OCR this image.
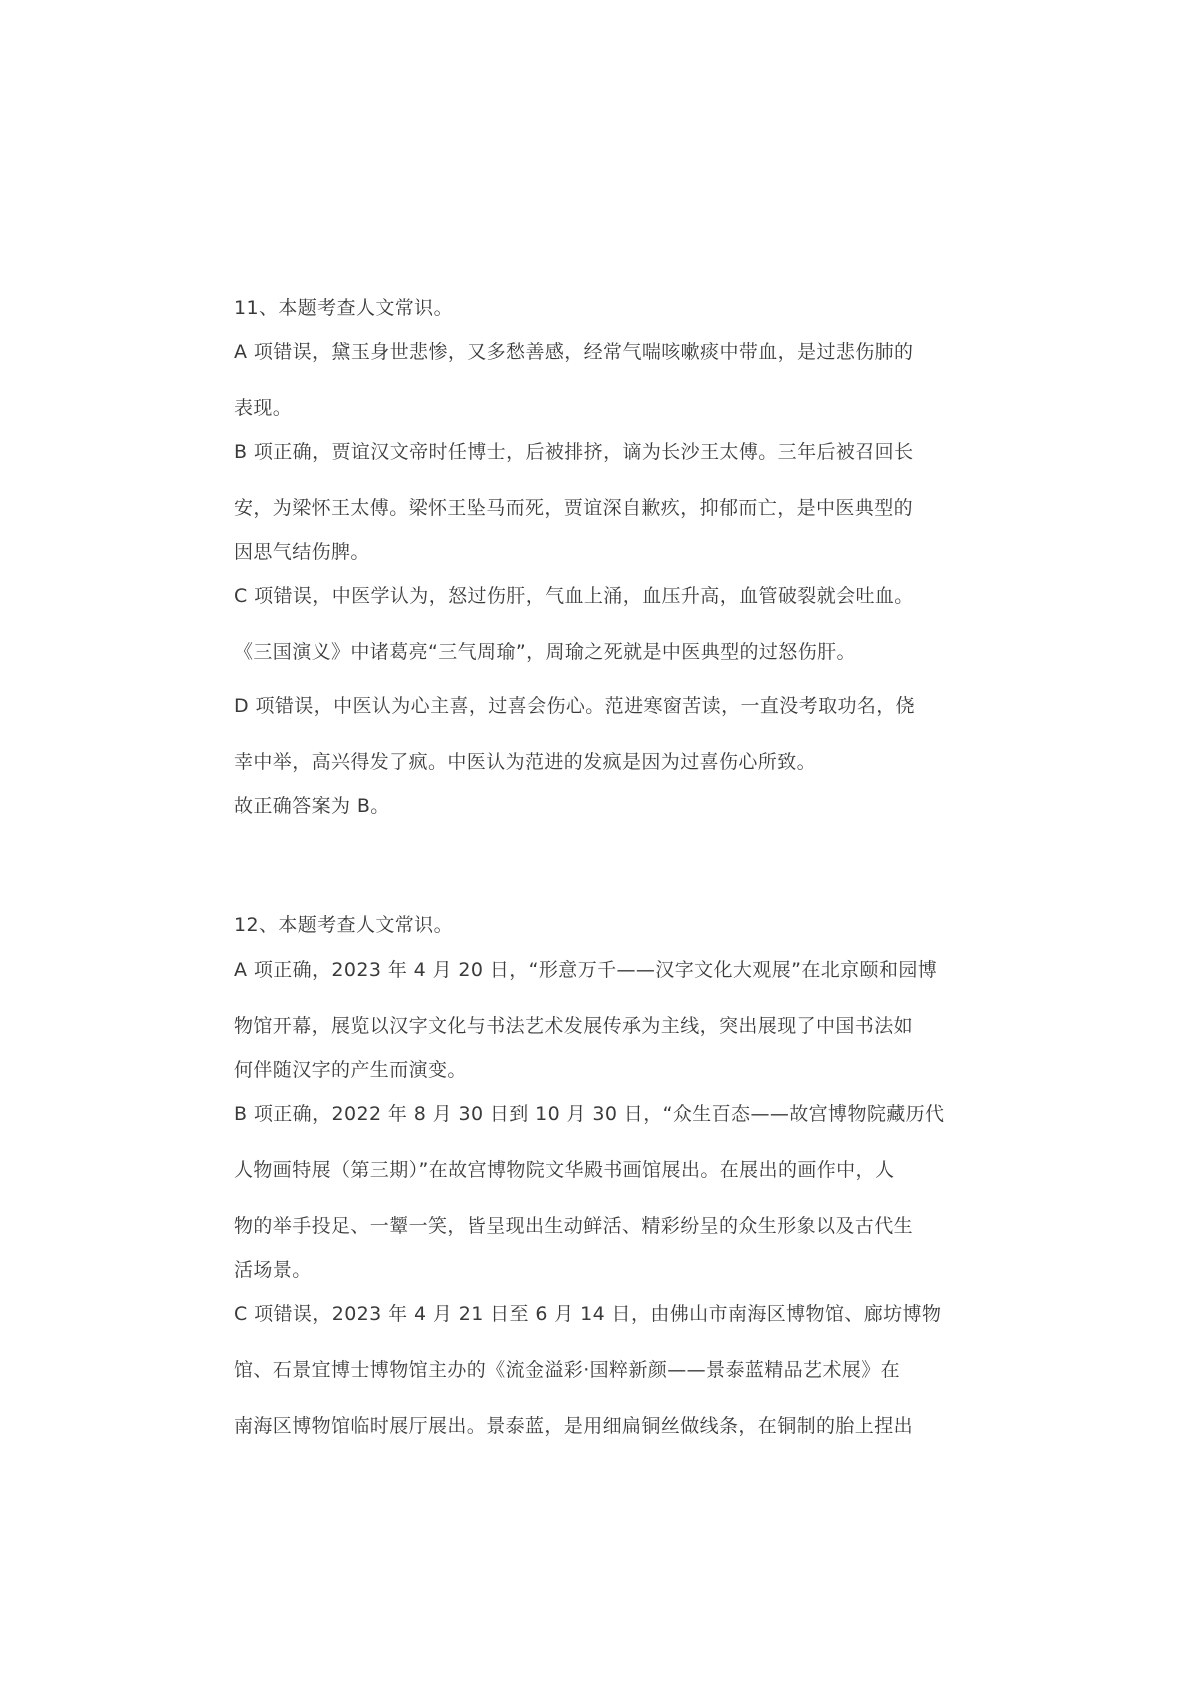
11、本题考查人文常识。
A 项错误，黛玉身世悲惨，又多愁善感，经常气喘咳嗽痰中带血，是过悲伤肺的
表现。
B 项正确，贾谊汉文帝时任博士，后被排挤，谪为长沙王太傅。三年后被召回长
安，为梁怀王太傅。梁怀王坠马而死，贾谊深自歉疚，抑郁而亡，是中医典型的
因思气结伤脾。
C 项错误，中医学认为，怒过伤肝，气血上涌，血压升高，血管破裂就会吐血。
《三国演义》中诸葛亮“三气周瑜”，周瑜之死就是中医典型的过怒伤肝。
D 项错误，中医认为心主喜，过喜会伤心。范进寒窗苦读，一直没考取功名，侥
幸中举，高兴得发了疯。中医认为范进的发疯是因为过喜伤心所致。
故正确答案为 B。
12、本题考查人文常识。
A 项正确，2023 年 4 月 20 日，“形意万千——汉字文化大观展”在北京颐和园博
物馆开幕，展览以汉字文化与书法艺术发展传承为主线，突出展现了中国书法如
何伴随汉字的产生而演变。
B 项正确，2022 年 8 月 30 日到 10 月 30 日，“众生百态——故宫博物院藏历代
人物画特展（第三期）”在故宫博物院文华殿书画馆展出。在展出的画作中，人
物的举手投足、一颦一笑，皆呈现出生动鲜活、精彩纷呈的众生形象以及古代生
活场景。
C 项错误，2023 年 4 月 21 日至 6 月 14 日，由佛山市南海区博物馆、廊坊博物
馆、石景宜博士博物馆主办的《流金溢彩·国粹新颜——景泰蓝精品艺术展》在
南海区博物馆临时展厅展出。景泰蓝，是用细扁铜丝做线条，在铜制的胎上捏出
